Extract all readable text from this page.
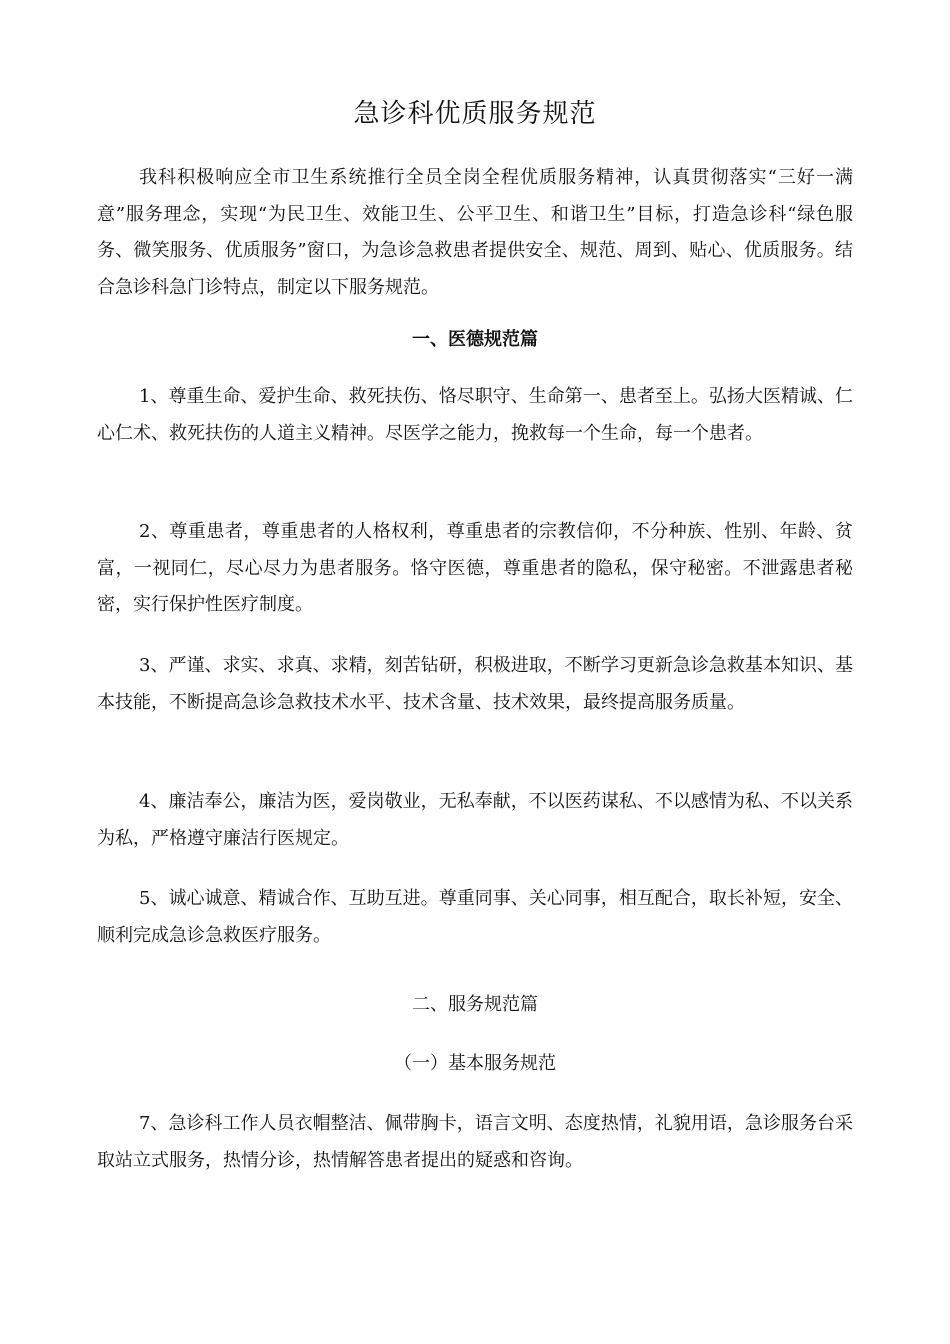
急诊科优质服务规范

我科积极响应全市卫生系统推行全员全岗全程优质服务精神，认真贯彻落实“三好一满意”服务理念，实现“为民卫生、效能卫生、公平卫生、和谐卫生”目标，打造急诊科“绿色服务、微笑服务、优质服务”窗口，为急诊急救患者提供安全、规范、周到、贴心、优质服务。结合急诊科急门诊特点，制定以下服务规范。

一、医德规范篇

1、尊重生命、爱护生命、救死扶伤、恪尽职守、生命第一、患者至上。弘扬大医精诚、仁心仁术、救死扶伤的人道主义精神。尽医学之能力，挽救每一个生命，每一个患者。

2、尊重患者，尊重患者的人格权利，尊重患者的宗教信仰，不分种族、性别、年龄、贫富，一视同仁，尽心尽力为患者服务。恪守医德，尊重患者的隐私，保守秘密。不泄露患者秘密，实行保护性医疗制度。

3、严谨、求实、求真、求精，刻苦钻研，积极进取，不断学习更新急诊急救基本知识、基本技能，不断提高急诊急救技术水平、技术含量、技术效果，最终提高服务质量。

4、廉洁奉公，廉洁为医，爱岗敬业，无私奉献，不以医药谋私、不以感情为私、不以关系为私，严格遵守廉洁行医规定。

5、诚心诚意、精诚合作、互助互进。尊重同事、关心同事，相互配合，取长补短，安全、顺利完成急诊急救医疗服务。

二、服务规范篇
（一）基本服务规范

7、急诊科工作人员衣帽整洁、佩带胸卡，语言文明、态度热情，礼貌用语，急诊服务台采取站立式服务，热情分诊，热情解答患者提出的疑惑和咨询。
